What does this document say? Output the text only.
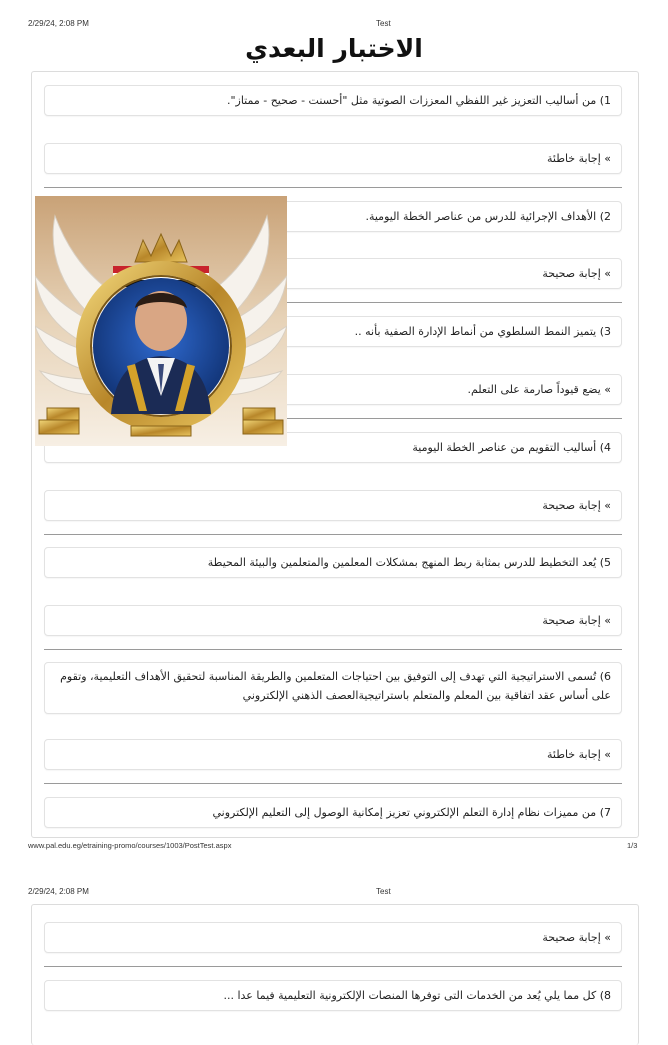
2/29/24, 2:08 PM	Test
الاختبار البعدي
1) من أساليب التعزيز غير اللفظي المعززات الصوتية مثل "أحسنت - صحيح - ممتاز".
» إجابة خاطئة
2) الأهداف الإجرائية للدرس من عناصر الخطة اليومية.
» إجابة صحيحة
3) يتميز النمط السلطوي من أنماط الإدارة الصفية بأنه ..
» يضع قيوداً صارمة على التعلم.
4) أساليب التقويم من عناصر الخطة اليومية
» إجابة صحيحة
5) يُعد التخطيط للدرس بمثابة ربط المنهج بمشكلات المعلمين والمتعلمين والبيئة المحيطة
» إجابة صحيحة
6) تُسمى الاستراتيجية التي تهدف إلى التوفيق بين احتياجات المتعلمين والطريقة المناسبة لتحقيق الأهداف التعليمية، وتقوم على أساس عقد اتفاقية بين المعلم والمتعلم باستراتيجيةالعصف الذهني الإلكتروني
» إجابة خاطئة
7) من مميزات نظام إدارة التعلم الإلكتروني تعزيز إمكانية الوصول إلى التعليم الإلكتروني
www.pal.edu.eg/etraining-promo/courses/1003/PostTest.aspx	1/3
2/29/24, 2:08 PM	Test
» إجابة صحيحة
8) كل مما يلي يُعد من الخدمات التى توفرها المنصات الإلكترونية التعليمية فيما عدا ...
